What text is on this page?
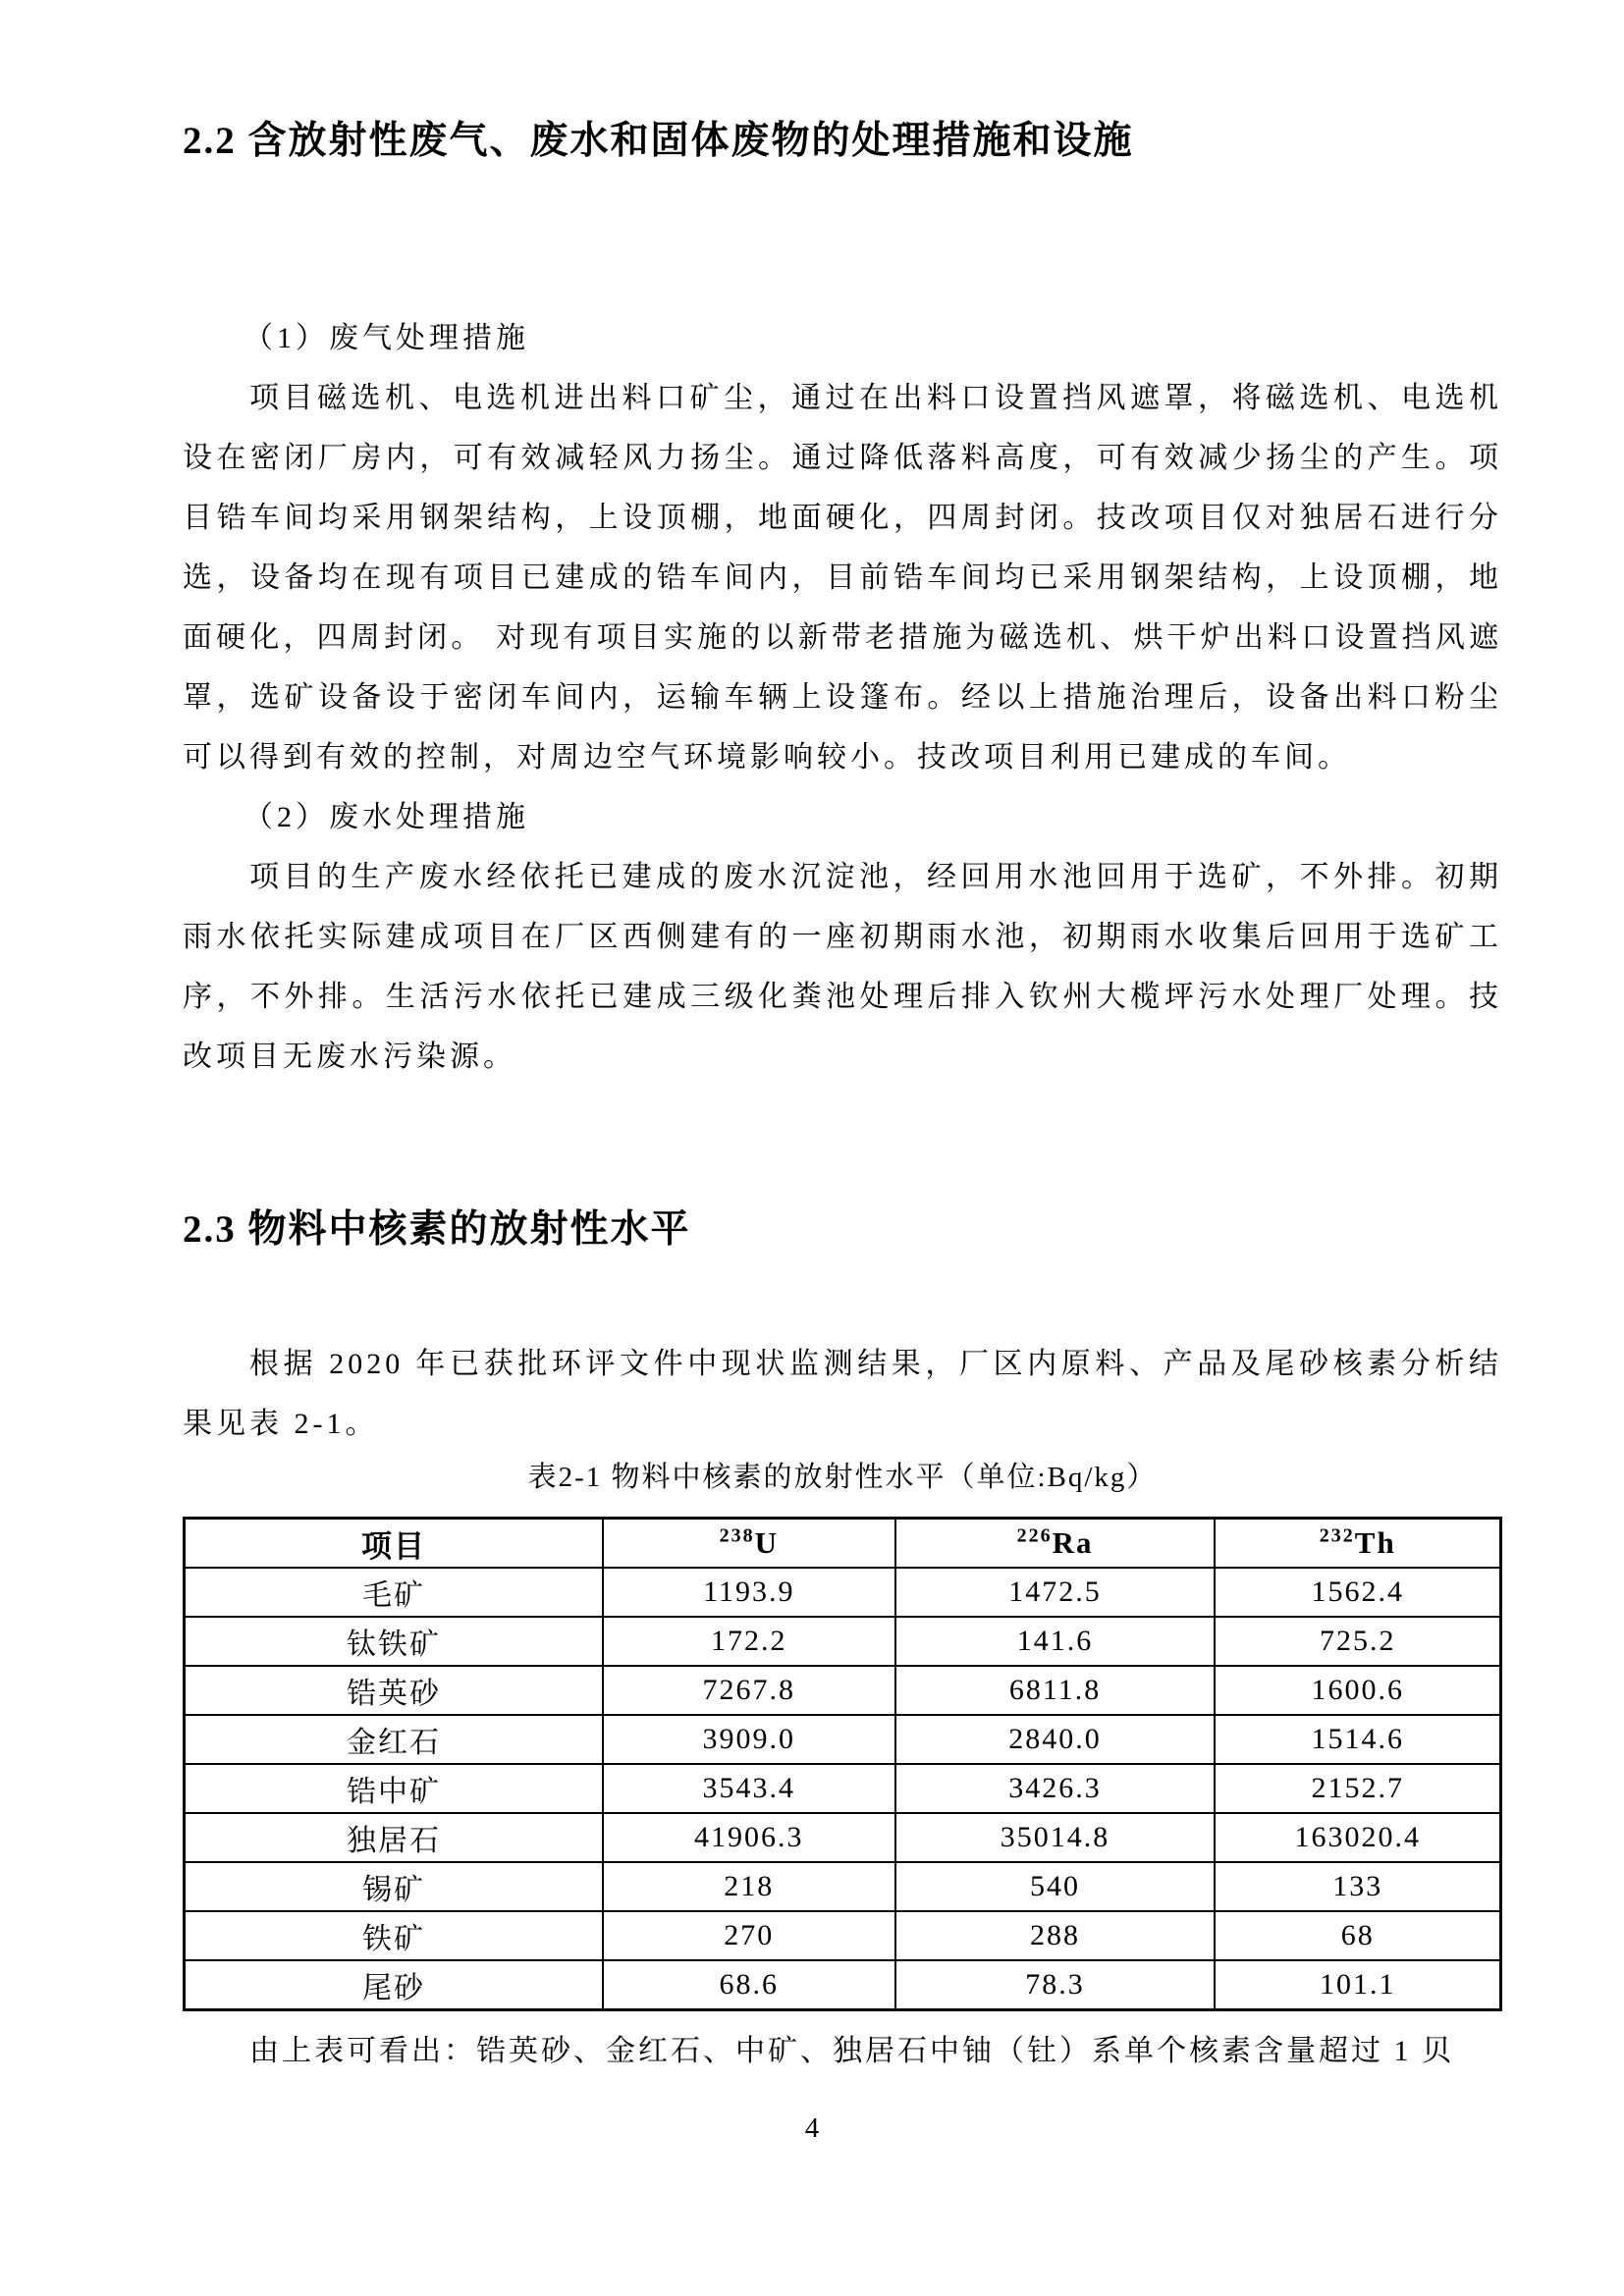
2.2 含放射性废气、废水和固体废物的处理措施和设施

（1）废气处理措施

项目磁选机、电选机进出料口矿尘，通过在出料口设置挡风遮罩，将磁选机、电选机设在密闭厂房内，可有效减轻风力扬尘。通过降低落料高度，可有效减少扬尘的产生。项目锆车间均采用钢架结构，上设顶棚，地面硬化，四周封闭。技改项目仅对独居石进行分选，设备均在现有项目已建成的锆车间内，目前锆车间均已采用钢架结构，上设顶棚，地面硬化，四周封闭。 对现有项目实施的以新带老措施为磁选机、烘干炉出料口设置挡风遮罩，选矿设备设于密闭车间内，运输车辆上设篷布。经以上措施治理后，设备出料口粉尘可以得到有效的控制，对周边空气环境影响较小。技改项目利用已建成的车间。

（2）废水处理措施

项目的生产废水经依托已建成的废水沉淀池，经回用水池回用于选矿，不外排。初期雨水依托实际建成项目在厂区西侧建有的一座初期雨水池，初期雨水收集后回用于选矿工序，不外排。生活污水依托已建成三级化粪池处理后排入钦州大榄坪污水处理厂处理。技改项目无废水污染源。

2.3 物料中核素的放射性水平

根据 2020 年已获批环评文件中现状监测结果，厂区内原料、产品及尾砂核素分析结果见表 2-1。

表2-1 物料中核素的放射性水平（单位:Bq/kg）

项目	$^{238}$U	$^{226}$Ra	$^{232}$Th
毛矿	1193.9	1472.5	1562.4
钛铁矿	172.2	141.6	725.2
锆英砂	7267.8	6811.8	1600.6
金红石	3909.0	2840.0	1514.6
锆中矿	3543.4	3426.3	2152.7
独居石	41906.3	35014.8	163020.4
锡矿	218	540	133
铁矿	270	288	68
尾砂	68.6	78.3	101.1

由上表可看出：锆英砂、金红石、中矿、独居石中铀（钍）系单个核素含量超过 1 贝

4
